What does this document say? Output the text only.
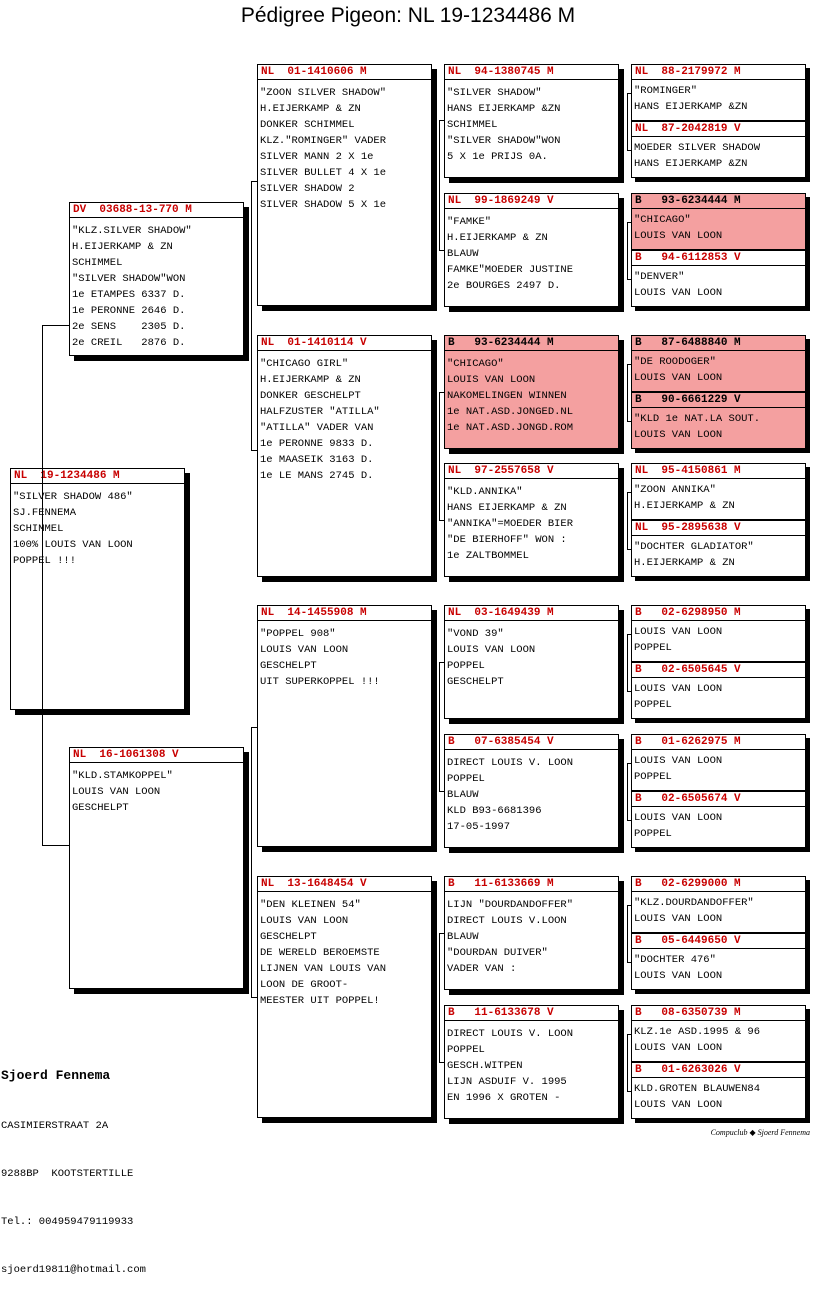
Pédigree Pigeon: NL 19-1234486 M
NL  19-1234486 M
"SILVER SHADOW 486"
SJ.FENNEMA
SCHIMMEL
100% LOUIS VAN LOON
POPPEL !!!
DV  03688-13-770 M
"KLZ.SILVER SHADOW"
H.EIJERKAMP & ZN
SCHIMMEL
"SILVER SHADOW"WON
1e ETAMPES 6337 D.
1e PERONNE 2646 D.
2e SENS    2305 D.
2e CREIL   2876 D.
NL  16-1061308 V
"KLD.STAMKOPPEL"
LOUIS VAN LOON
GESCHELPT
NL  01-1410606 M
"ZOON SILVER SHADOW"
H.EIJERKAMP & ZN
DONKER SCHIMMEL
KLZ."ROMINGER" VADER
SILVER MANN 2 X 1e
SILVER BULLET 4 X 1e
SILVER SHADOW 2
SILVER SHADOW 5 X 1e
NL  01-1410114 V
"CHICAGO GIRL"
H.EIJERKAMP & ZN
DONKER GESCHELPT
HALFZUSTER "ATILLA"
"ATILLA" VADER VAN
1e PERONNE 9833 D.
1e MAASEIK 3163 D.
1e LE MANS 2745 D.
NL  14-1455908 M
"POPPEL 908"
LOUIS VAN LOON
GESCHELPT
UIT SUPERKOPPEL !!!
NL  13-1648454 V
"DEN KLEINEN 54"
LOUIS VAN LOON
GESCHELPT
DE WERELD BEROEMSTE
LIJNEN VAN LOUIS VAN
LOON DE GROOT-
MEESTER UIT POPPEL!
NL  94-1380745 M
"SILVER SHADOW"
HANS EIJERKAMP &ZN
SCHIMMEL
"SILVER SHADOW"WON
5 X 1e PRIJS 0A.
NL  99-1869249 V
"FAMKE"
H.EIJERKAMP & ZN
BLAUW
FAMKE"MOEDER JUSTINE
2e BOURGES 2497 D.
B   93-6234444 M
"CHICAGO"
LOUIS VAN LOON
NAKOMELINGEN WINNEN
1e NAT.ASD.JONGED.NL
1e NAT.ASD.JONGD.ROM
NL  97-2557658 V
"KLD.ANNIKA"
HANS EIJERKAMP & ZN
"ANNIKA"=MOEDER BIER
"DE BIERHOFF" WON :
1e ZALTBOMMEL
NL  03-1649439 M
"VOND 39"
LOUIS VAN LOON
POPPEL
GESCHELPT
B   07-6385454 V
DIRECT LOUIS V. LOON
POPPEL
BLAUW
KLD B93-6681396
17-05-1997
B   11-6133669 M
LIJN "DOURDANDOFFER"
DIRECT LOUIS V.LOON
BLAUW
"DOURDAN DUIVER"
VADER VAN :
B   11-6133678 V
DIRECT LOUIS V. LOON
POPPEL
GESCH.WITPEN
LIJN ASDUIF V. 1995
EN 1996 X GROTEN -
NL  88-2179972 M
"ROMINGER"
HANS EIJERKAMP &ZN
NL  87-2042819 V
MOEDER SILVER SHADOW
HANS EIJERKAMP &ZN
B   93-6234444 M
"CHICAGO"
LOUIS VAN LOON
B   94-6112853 V
"DENVER"
LOUIS VAN LOON
B   87-6488840 M
"DE ROODOGER"
LOUIS VAN LOON
B   90-6661229 V
"KLD 1e NAT.LA SOUT.
LOUIS VAN LOON
NL  95-4150861 M
"ZOON ANNIKA"
H.EIJERKAMP & ZN
NL  95-2895638 V
"DOCHTER GLADIATOR"
H.EIJERKAMP & ZN
B   02-6298950 M
LOUIS VAN LOON
POPPEL
B   02-6505645 V
LOUIS VAN LOON
POPPEL
B   01-6262975 M
LOUIS VAN LOON
POPPEL
B   02-6505674 V
LOUIS VAN LOON
POPPEL
B   02-6299000 M
"KLZ.DOURDANDOFFER"
LOUIS VAN LOON
B   05-6449650 V
"DOCHTER 476"
LOUIS VAN LOON
B   08-6350739 M
KLZ.1e ASD.1995 & 96
LOUIS VAN LOON
B   01-6263026 V
KLD.GROTEN BLAUWEN84
LOUIS VAN LOON

Sjoerd Fennema

CASIMIERSTRAAT 2A

9288BP  KOOTSTERTILLE

Tel.: 004959479119933

sjoerd19811@hotmail.com

Compuclub ◆ Sjoerd Fennema
